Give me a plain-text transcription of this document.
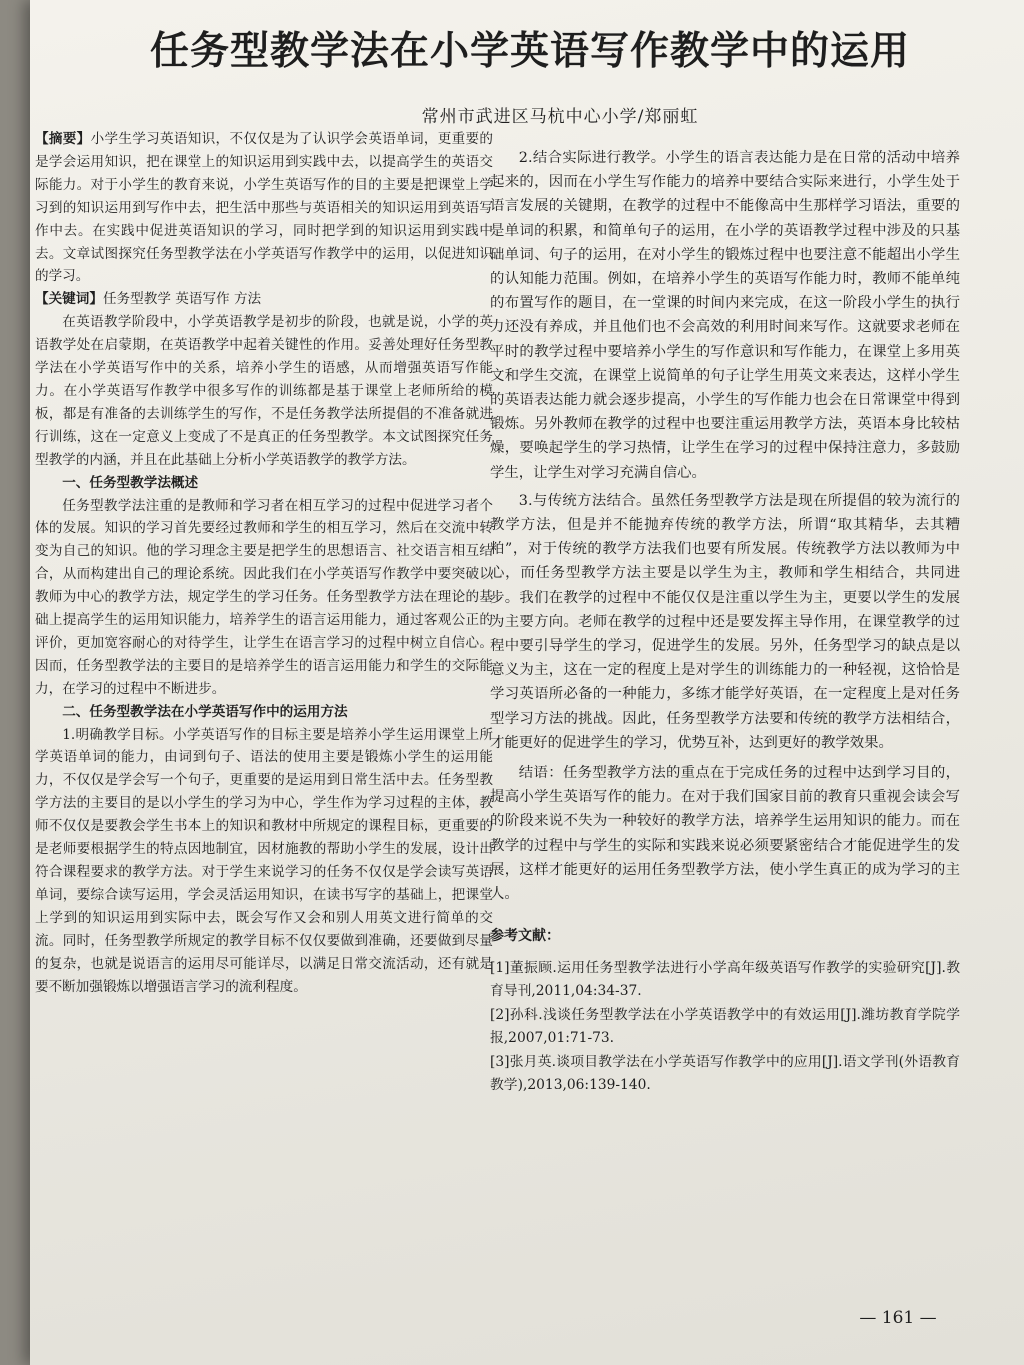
任务型教学法在小学英语写作教学中的运用
常州市武进区马杭中心小学/郑丽虹

【摘要】小学生学习英语知识，不仅仅是为了认识学会英语单词，更重要的是学会运用知识，把在课堂上的知识运用到实践中去，以提高学生的英语交际能力。对于小学生的教育来说，小学生英语写作的目的主要是把课堂上学习到的知识运用到写作中去，把生活中那些与英语相关的知识运用到英语写作中去。在实践中促进英语知识的学习，同时把学到的知识运用到实践中去。文章试图探究任务型教学法在小学英语写作教学中的运用，以促进知识的学习。

【关键词】任务型教学 英语写作 方法

在英语教学阶段中，小学英语教学是初步的阶段，也就是说，小学的英语教学处在启蒙期，在英语教学中起着关键性的作用。妥善处理好任务型教学法在小学英语写作中的关系，培养小学生的语感，从而增强英语写作能力。在小学英语写作教学中很多写作的训练都是基于课堂上老师所给的模板，都是有准备的去训练学生的写作，不是任务教学法所提倡的不准备就进行训练，这在一定意义上变成了不是真正的任务型教学。本文试图探究任务型教学的内涵，并且在此基础上分析小学英语教学的教学方法。

一、任务型教学法概述

任务型教学法注重的是教师和学习者在相互学习的过程中促进学习者个体的发展。知识的学习首先要经过教师和学生的相互学习，然后在交流中转变为自己的知识。他的学习理念主要是把学生的思想语言、社交语言相互结合，从而构建出自己的理论系统。因此我们在小学英语写作教学中要突破以教师为中心的教学方法，规定学生的学习任务。任务型教学方法在理论的基础上提高学生的运用知识能力，培养学生的语言运用能力，通过客观公正的评价，更加宽容耐心的对待学生，让学生在语言学习的过程中树立自信心。因而，任务型教学法的主要目的是培养学生的语言运用能力和学生的交际能力，在学习的过程中不断进步。

二、任务型教学法在小学英语写作中的运用方法

1.明确教学目标。小学英语写作的目标主要是培养小学生运用课堂上所学英语单词的能力，由词到句子、语法的使用主要是锻炼小学生的运用能力，不仅仅是学会写一个句子，更重要的是运用到日常生活中去。任务型教学方法的主要目的是以小学生的学习为中心，学生作为学习过程的主体，教师不仅仅是要教会学生书本上的知识和教材中所规定的课程目标，更重要的是老师要根据学生的特点因地制宜，因材施教的帮助小学生的发展，设计出符合课程要求的教学方法。对于学生来说学习的任务不仅仅是学会读写英语单词，要综合读写运用，学会灵活运用知识，在读书写字的基础上，把课堂上学到的知识运用到实际中去，既会写作又会和别人用英文进行简单的交流。同时，任务型教学所规定的教学目标不仅仅要做到准确，还要做到尽量的复杂，也就是说语言的运用尽可能详尽，以满足日常交流活动，还有就是要不断加强锻炼以增强语言学习的流利程度。

2.结合实际进行教学。小学生的语言表达能力是在日常的活动中培养起来的，因而在小学生写作能力的培养中要结合实际来进行，小学生处于语言发展的关键期，在教学的过程中不能像高中生那样学习语法，重要的是单词的积累，和简单句子的运用，在小学的英语教学过程中涉及的只基础单词、句子的运用，在对小学生的锻炼过程中也要注意不能超出小学生的认知能力范围。例如，在培养小学生的英语写作能力时，教师不能单纯的布置写作的题目，在一堂课的时间内来完成，在这一阶段小学生的执行力还没有养成，并且他们也不会高效的利用时间来写作。这就要求老师在平时的教学过程中要培养小学生的写作意识和写作能力，在课堂上多用英文和学生交流，在课堂上说简单的句子让学生用英文来表达，这样小学生的英语表达能力就会逐步提高，小学生的写作能力也会在日常课堂中得到锻炼。另外教师在教学的过程中也要注重运用教学方法，英语本身比较枯燥，要唤起学生的学习热情，让学生在学习的过程中保持注意力，多鼓励学生，让学生对学习充满自信心。

3.与传统方法结合。虽然任务型教学方法是现在所提倡的较为流行的教学方法，但是并不能抛弃传统的教学方法，所谓“取其精华，去其糟粕”，对于传统的教学方法我们也要有所发展。传统教学方法以教师为中心，而任务型教学方法主要是以学生为主，教师和学生相结合，共同进步。我们在教学的过程中不能仅仅是注重以学生为主，更要以学生的发展为主要方向。老师在教学的过程中还是要发挥主导作用，在课堂教学的过程中要引导学生的学习，促进学生的发展。另外，任务型学习的缺点是以意义为主，这在一定的程度上是对学生的训练能力的一种轻视，这恰恰是学习英语所必备的一种能力，多练才能学好英语，在一定程度上是对任务型学习方法的挑战。因此，任务型教学方法要和传统的教学方法相结合，才能更好的促进学生的学习，优势互补，达到更好的教学效果。

结语：任务型教学方法的重点在于完成任务的过程中达到学习目的，提高小学生英语写作的能力。在对于我们国家目前的教育只重视会读会写的阶段来说不失为一种较好的教学方法，培养学生运用知识的能力。而在教学的过程中与学生的实际和实践来说必须要紧密结合才能促进学生的发展，这样才能更好的运用任务型教学方法，使小学生真正的成为学习的主人。

参考文献：

[1]董振顾.运用任务型教学法进行小学高年级英语写作教学的实验研究[J].教育导刊,2011,04:34-37.

[2]孙科.浅谈任务型教学法在小学英语教学中的有效运用[J].潍坊教育学院学报,2007,01:71-73.

[3]张月英.谈项目教学法在小学英语写作教学中的应用[J].语文学刊(外语教育教学),2013,06:139-140.

— 161 —
